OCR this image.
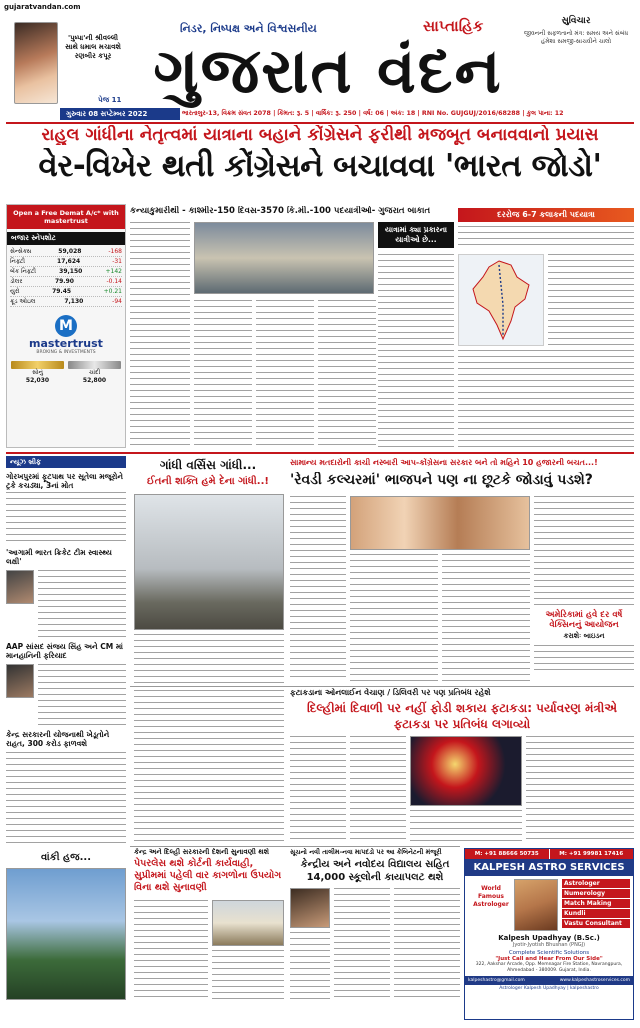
gujaratvandan.com
'પુષ્પા'ની શ્રીવલ્લી સાથે ધમાલ મચાવશે રણબીર કપૂર
નિડર, નિષ્પક્ષ અને વિશ્વસનીય	સાપ્તાહિક
ગુજરાત વંદન
સુવિચાર
જીવનની સફળતાનો મંત્ર: સમય અને સંબંધ હંમેશા સમજી-સાચવીને ચાલો
પેજ 11
ગુરુવાર 08 સપ્ટેમ્બર 2022	ભારતાલુર-13, વિક્રમ સંવત 2078 | કિંમત: રૂ. 5 | વાર્ષિક: રૂ. 250 | વર્ષ: 06 | અંક: 18 | RNI No. GUJGUJ/2016/68288 | કુલ પાના: 12
રાહુલ ગાંધીના નેતૃત્વમાં યાત્રાના બહાને કોંગ્રેસને ફરીથી મજબૂત બનાવવાનો પ્રયાસ
વેર-વિખેર થતી કોંગ્રેસને બચાવવા 'ભારત જોડો'
Open a Free Demat A/c* with mastertrust
બજાર સ્નેપશોટ
સેન્સેક્સ	59,028	-168
નિફ્ટી	17,624	-31
બેંક નિફ્ટી	39,150	+142
ડોલર	79.90	-0.14
યુરો	79.45	+0.21
ક્રૂડ ઓઇલ	7,130	-94
M
mastertrust
BROKING & INVESTMENTS
સોનું
52,030
ચાંદી
52,800
કન્યાકુમારીથી - કાશ્મીર-150 દિવસ-3570 કિ.મી.-100 પદયાત્રીઓ- ગુજરાત બાકાત
યાત્રામાં ક્યા પ્રકારના યાત્રીઓ છે...
દરરોજ 6-7 કલાકની પદયાત્રા
ન્યૂઝ બ્રીફ
ગોરખપુરમાં ફૂટપાથ પર સૂતેલા મજૂરોને ટ્રકે કચડ્યા, 3નાં મોત
'આગામી ભારત ક્રિકેટ ટીમ સ્વાસ્થ્ય લક્ષી'
AAP સાંસદ સંજય સિંહ અને CM માં માનહાનિની ફરિયાદ
કેન્દ્ર સરકારની યોજનાથી ખેડૂતોને રાહત, 300 કરોડ ફાળવશે
વાંકી હજ...
ગાંધી વર્સિસ ગાંધી...
ઈતની શક્તિ હમે દેના ગાંધી..!
સામાન્ય મતદારોની કાચી નસ્બારી આપ-કોંગ્રેસના સરકાર બને તો મહિને 10 હજારની બચત...!
'રેવડી કલ્ચરમાં' ભાજપને પણ ના છૂટકે જોડાવું પડશે?
અમેરિકામાં હવે દર વર્ષે વેક્સિનનું આયોજન
કરાશેઃ બાઇડન
ફટાકડાના ઓનલાઈન વેચાણ / ડિલિવરી પર પણ પ્રતિબંધ રહેશે
દિલ્હીમાં દિવાળી પર નહીં ફોડી શકાય ફટાકડા: પર્યાવરણ મંત્રીએ ફટાકડા પર પ્રતિબંધ લગાવ્યો
કેન્દ્ર અને દિલ્હી સરકારની દેશની સુનાવણી થશે
પેપરલેસ થશે કોર્ટની કાર્યવાહી, સુપ્રીમમાં પહેલી વાર કાગળોના ઉપયોગ વિના થશે સુનાવણી
સૂચનો નવી તાલીમ-નવા માપદંડો પર આ કેબિનેટની મંજૂરી
કેન્દ્રીય અને નવોદય વિદ્યાલય સહિત 14,000 સ્કૂલોની કાયાપલટ થશે
M: +91 88666 50735	M: +91 99981 17416
KALPESH ASTRO SERVICES
World Famous Astrologer
Astrologer
Numerology
Match Making
Kundli
Vastu Consultant
Kalpesh Upadhyay (B.Sc.)
Jyotir-Jyotish Bhushan (PNGJ)
Complete Scientific Solutions
"Just Call and Hear From Our Side"
322, Aakshar Arcade, Opp. Memnagar Fire Station, Navrangpura, Ahmedabad - 380009. Gujarat, India.
kalpeshastro@gmail.com	www.kalpeshastroservices.com
Astrologer Kalpesh Upadhyay | kalpeshastro
